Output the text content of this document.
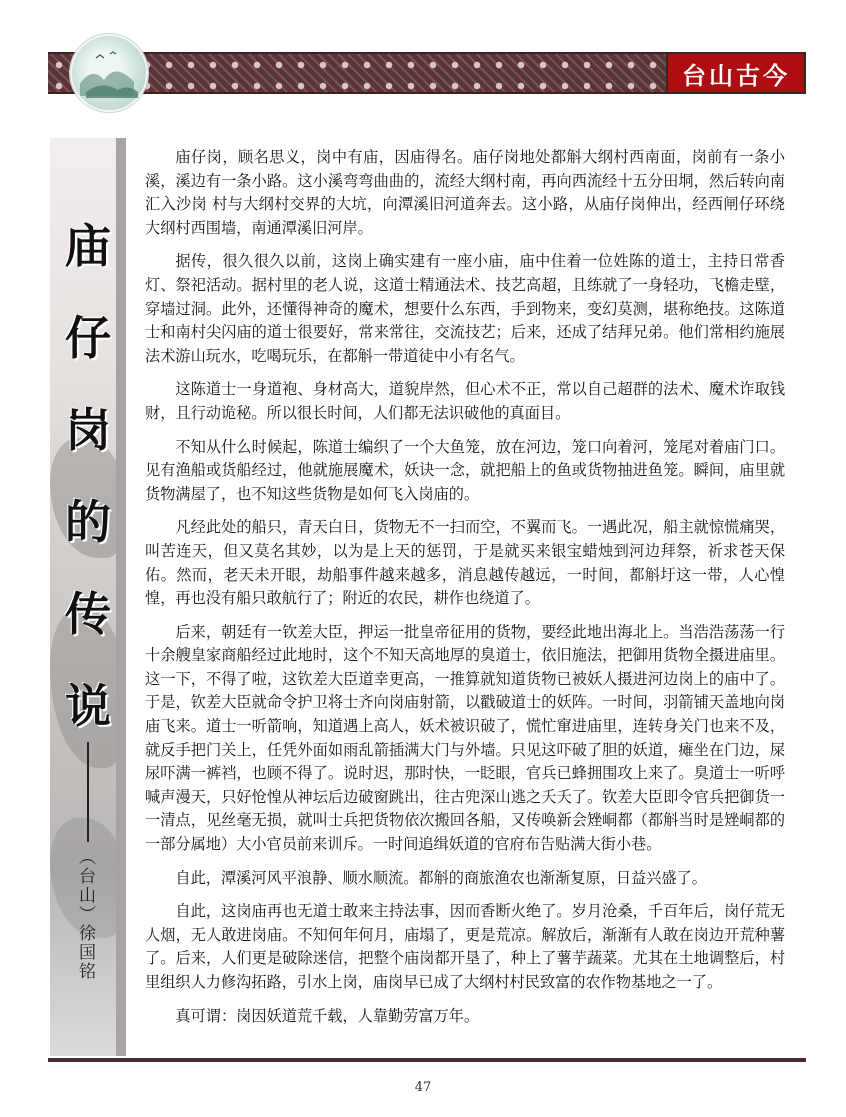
台山古今
庙
仔
岗
的
传
说
（台山）徐国铭

庙仔岗，顾名思义，岗中有庙，因庙得名。庙仔岗地处都斛大纲村西南面，岗前有一条小溪，溪边有一条小路。这小溪弯弯曲曲的，流经大纲村南，再向西流经十五分田垌，然后转向南汇入沙岗 村与大纲村交界的大坑，向潭溪旧河道奔去。这小路，从庙仔岗伸出，经西闸仔环绕大纲村西围墙，南通潭溪旧河岸。

据传，很久很久以前，这岗上确实建有一座小庙，庙中住着一位姓陈的道士，主持日常香灯、祭祀活动。据村里的老人说，这道士精通法术、技艺高超，且练就了一身轻功，飞檐走壁，穿墙过洞。此外，还懂得神奇的魔术，想要什么东西，手到物来，变幻莫测，堪称绝技。这陈道士和南村尖闪庙的道士很要好，常来常往，交流技艺；后来，还成了结拜兄弟。他们常相约施展法术游山玩水，吃喝玩乐，在都斛一带道徒中小有名气。

这陈道士一身道袍、身材高大，道貌岸然，但心术不正，常以自己超群的法术、魔术诈取钱财，且行动诡秘。所以很长时间，人们都无法识破他的真面目。

不知从什么时候起，陈道士编织了一个大鱼笼，放在河边，笼口向着河，笼尾对着庙门口。见有渔船或货船经过，他就施展魔术，妖诀一念，就把船上的鱼或货物抽进鱼笼。瞬间，庙里就货物满屋了，也不知这些货物是如何飞入岗庙的。

凡经此处的船只，青天白日，货物无不一扫而空，不翼而飞。一遇此况，船主就惊慌痛哭，叫苦连天，但又莫名其妙，以为是上天的惩罚，于是就买来银宝蜡烛到河边拜祭，祈求苍天保佑。然而，老天未开眼，劫船事件越来越多，消息越传越远，一时间，都斛圩这一带，人心惶惶，再也没有船只敢航行了；附近的农民，耕作也绕道了。

后来，朝廷有一钦差大臣，押运一批皇帝征用的货物，要经此地出海北上。当浩浩荡荡一行十余艘皇家商船经过此地时，这个不知天高地厚的臭道士，依旧施法，把御用货物全摄进庙里。这一下，不得了啦，这钦差大臣道幸更高，一推算就知道货物已被妖人摄进河边岗上的庙中了。于是，钦差大臣就命令护卫将士齐向岗庙射箭，以戳破道士的妖阵。一时间，羽箭铺天盖地向岗庙飞来。道士一听箭响，知道遇上高人，妖术被识破了，慌忙窜进庙里，连转身关门也来不及，就反手把门关上，任凭外面如雨乱箭插满大门与外墙。只见这吓破了胆的妖道，瘫坐在门边，屎尿吓满一裤裆，也顾不得了。说时迟，那时快，一眨眼，官兵已蜂拥围攻上来了。臭道士一听呼喊声漫天，只好怆惶从神坛后边破窗跳出，往古兜深山逃之夭夭了。钦差大臣即令官兵把御货一一清点，见丝毫无损，就叫士兵把货物依次搬回各船，又传唤新会矬峒都（都斛当时是矬峒都的一部分属地）大小官员前来训斥。一时间追缉妖道的官府布告贴满大街小巷。

自此，潭溪河风平浪静、顺水顺流。都斛的商旅渔农也渐渐复原，日益兴盛了。

自此，这岗庙再也无道士敢来主持法事，因而香断火绝了。岁月沧桑，千百年后，岗仔荒无人烟，无人敢进岗庙。不知何年何月，庙塌了，更是荒凉。解放后，渐渐有人敢在岗边开荒种薯了。后来，人们更是破除迷信，把整个庙岗都开垦了，种上了薯芋蔬菜。尤其在土地调整后，村里组织人力修沟拓路，引水上岗，庙岗早已成了大纲村村民致富的农作物基地之一了。

真可谓：岗因妖道荒千载，人靠勤劳富万年。

47
